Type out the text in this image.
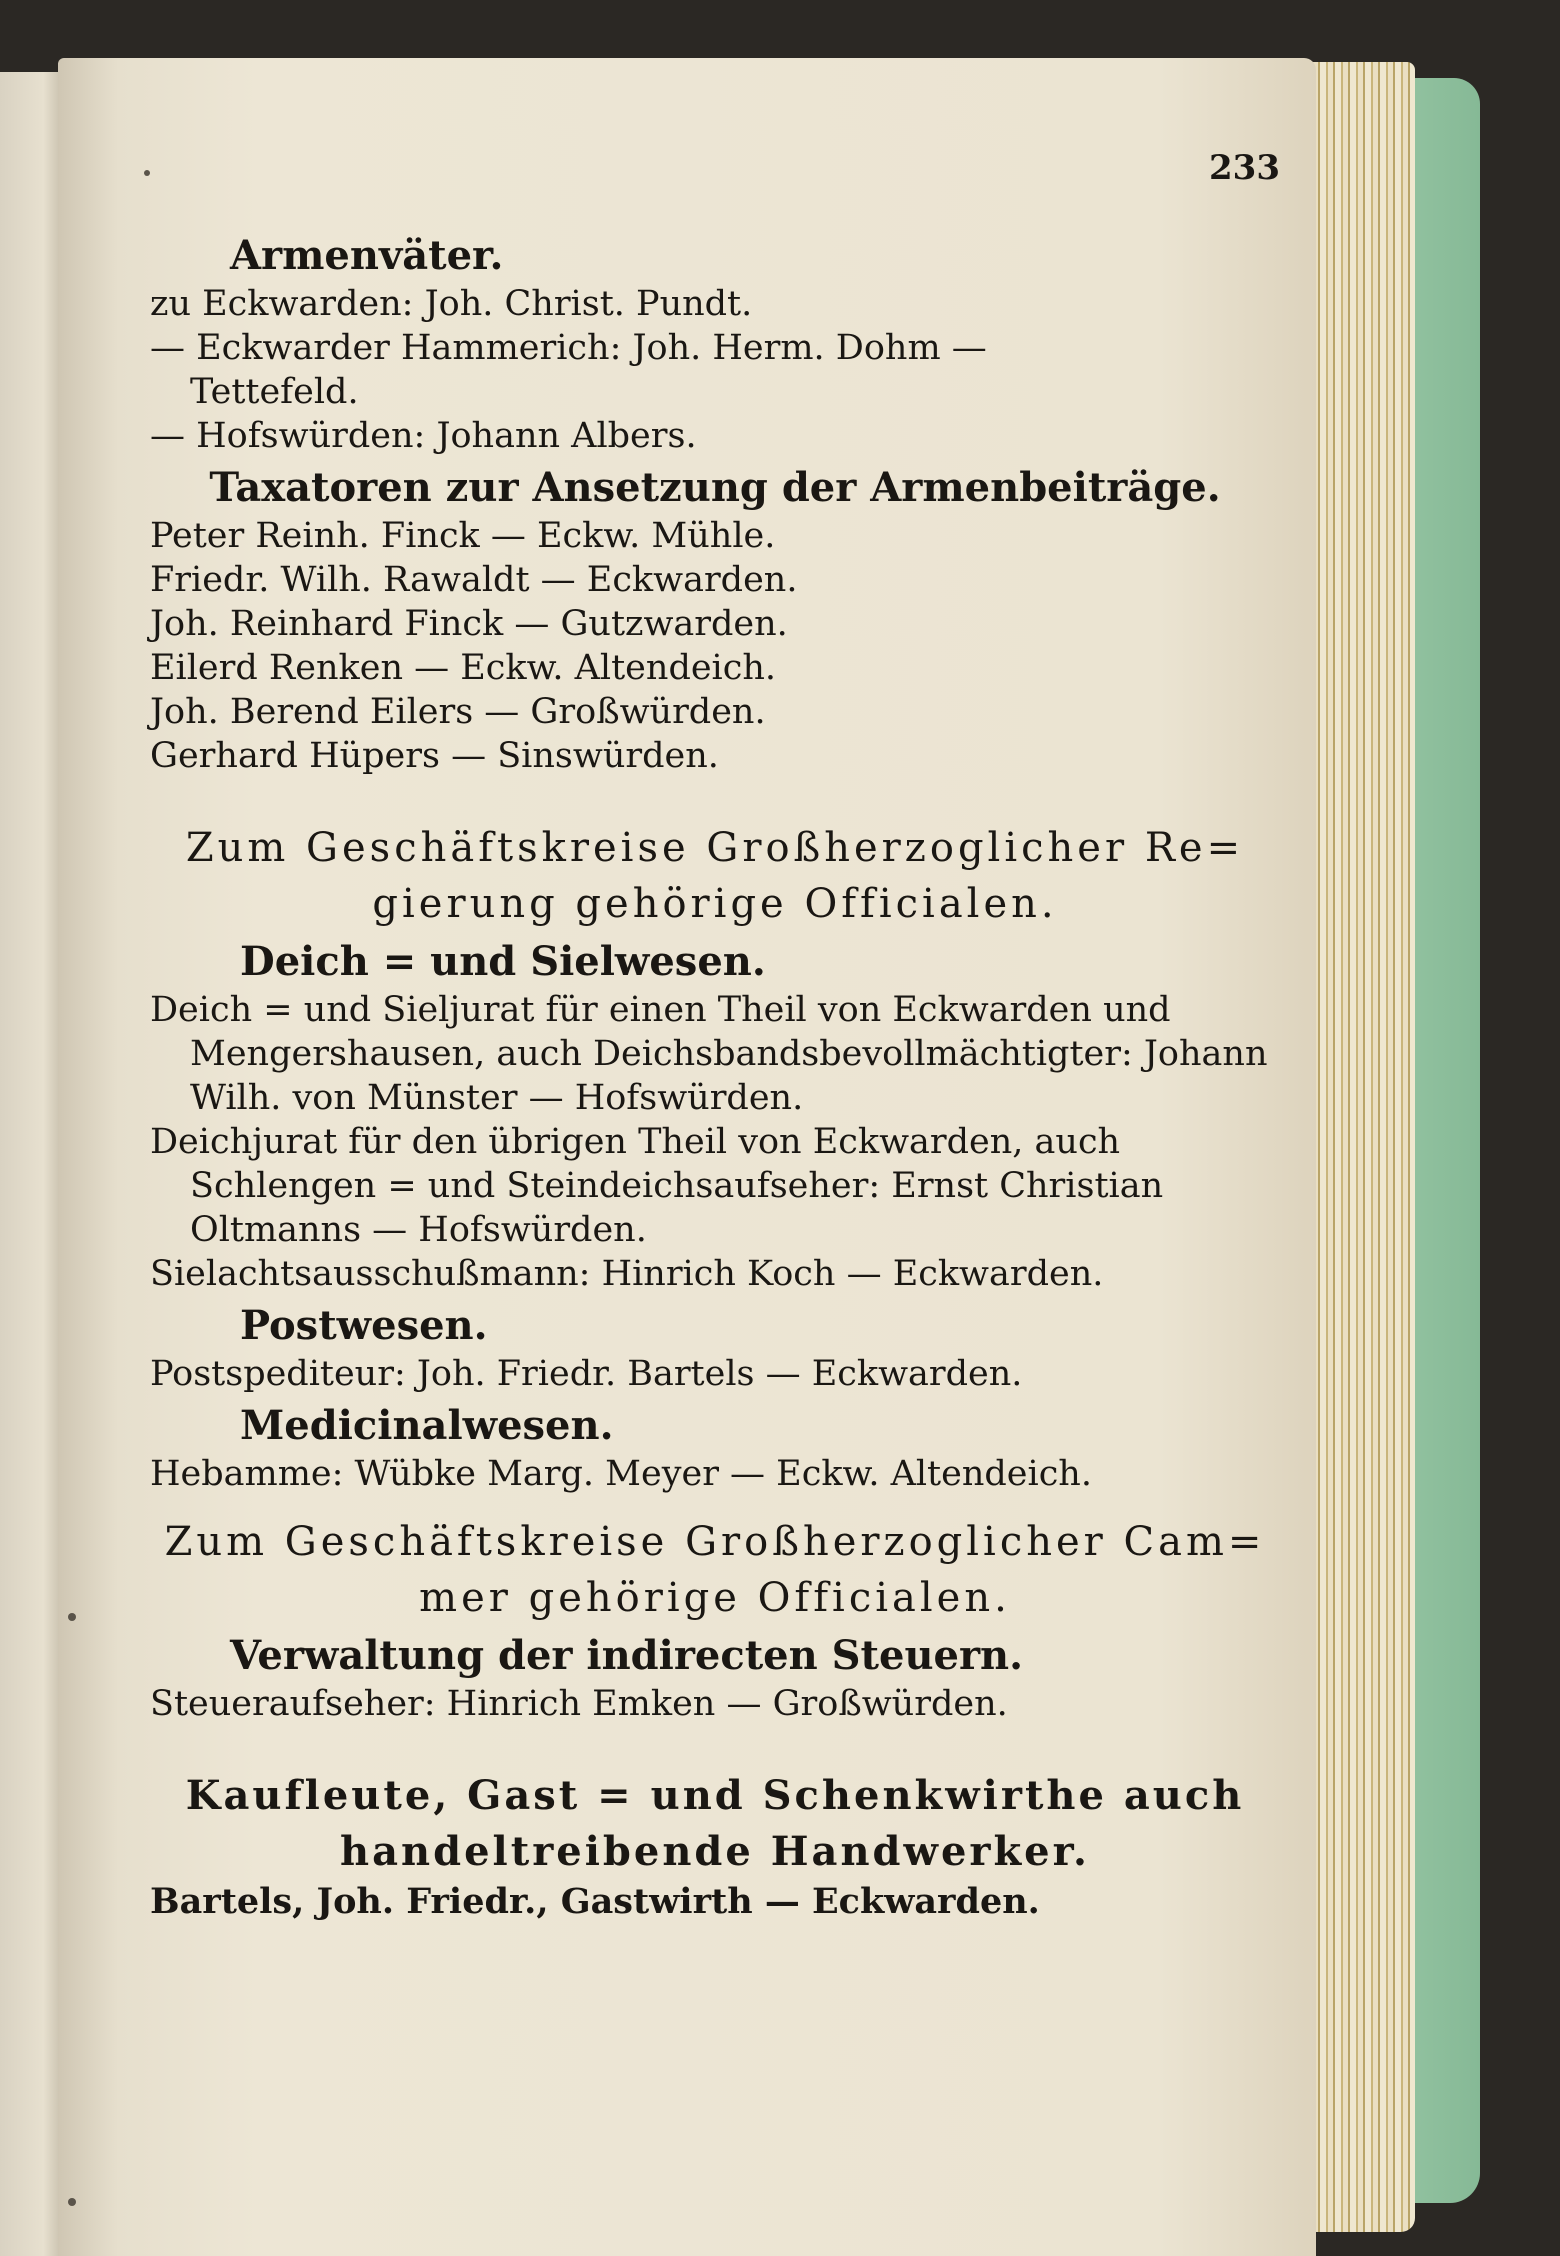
233
Armenväter.
zu Eckwarden: Joh. Christ. Pundt.
— Eckwarder Hammerich: Joh. Herm. Dohm —
Tettefeld.
— Hofswürden: Johann Albers.
Taxatoren zur Ansetzung der Armenbeiträge.
Peter Reinh. Finck — Eckw. Mühle.
Friedr. Wilh. Rawaldt — Eckwarden.
Joh. Reinhard Finck — Gutzwarden.
Eilerd Renken — Eckw. Altendeich.
Joh. Berend Eilers — Großwürden.
Gerhard Hüpers — Sinswürden.
Zum Geschäftskreise Großherzoglicher Re=
gierung gehörige Officialen.
Deich = und Sielwesen.
Deich = und Sieljurat für einen Theil von Eckwarden und
Mengershausen, auch Deichsbandsbevollmächtigter: Johann
Wilh. von Münster — Hofswürden.
Deichjurat für den übrigen Theil von Eckwarden, auch
Schlengen = und Steindeichsaufseher: Ernst Christian
Oltmanns — Hofswürden.
Sielachtsausschußmann: Hinrich Koch — Eckwarden.
Postwesen.
Postspediteur: Joh. Friedr. Bartels — Eckwarden.
Medicinalwesen.
Hebamme: Wübke Marg. Meyer — Eckw. Altendeich.
Zum Geschäftskreise Großherzoglicher Cam=
mer gehörige Officialen.
Verwaltung der indirecten Steuern.
Steueraufseher: Hinrich Emken — Großwürden.
Kaufleute, Gast = und Schenkwirthe auch
handeltreibende Handwerker.
Bartels, Joh. Friedr., Gastwirth — Eckwarden.
